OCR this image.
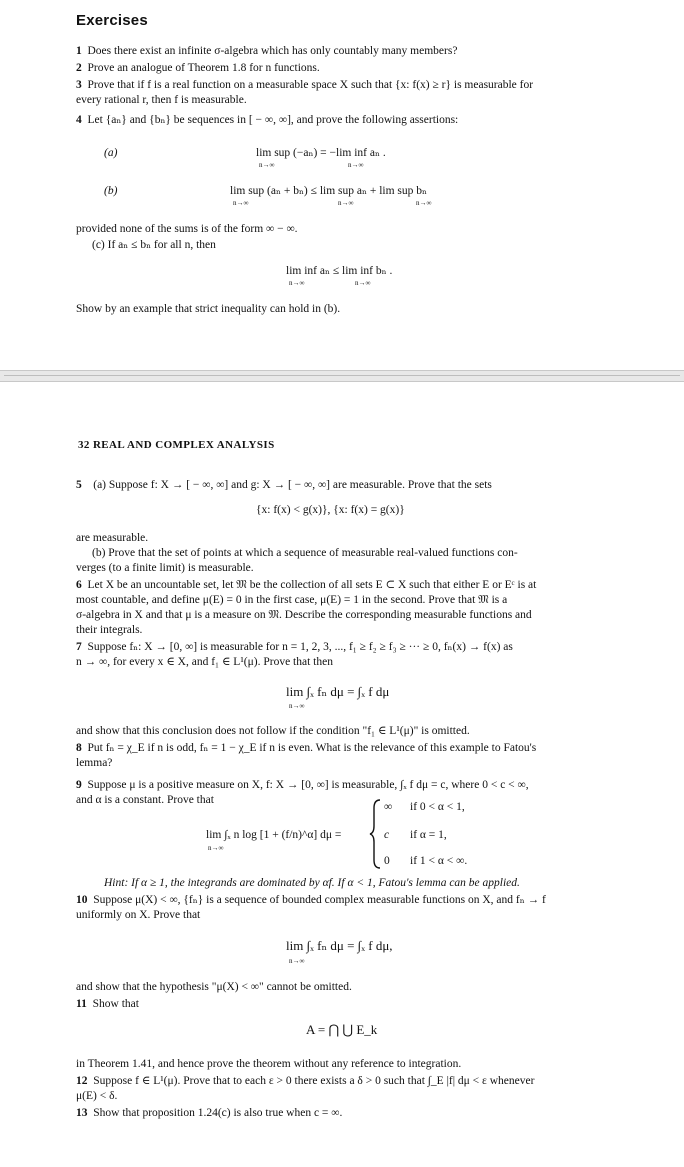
Exercises
1 Does there exist an infinite σ-algebra which has only countably many members?
2 Prove an analogue of Theorem 1.8 for n functions.
3 Prove that if f is a real function on a measurable space X such that {x: f(x) ≥ r} is measurable for
every rational r, then f is measurable.
4 Let {aₙ} and {bₙ} be sequences in [ − ∞, ∞], and prove the following assertions:
(a)	lim sup (−aₙ) = −lim inf aₙ .
n→∞	n→∞
(b)	lim sup (aₙ + bₙ) ≤ lim sup aₙ + lim sup bₙ
n→∞	n→∞	n→∞
provided none of the sums is of the form ∞ − ∞.
(c) If aₙ ≤ bₙ for all n, then
lim inf aₙ ≤ lim inf bₙ .
n→∞	n→∞
Show by an example that strict inequality can hold in (b).
32 REAL AND COMPLEX ANALYSIS
5 (a) Suppose f: X → [ − ∞, ∞] and g: X → [ − ∞, ∞] are measurable. Prove that the sets
{x: f(x) < g(x)}, {x: f(x) = g(x)}
are measurable.
(b) Prove that the set of points at which a sequence of measurable real-valued functions con-
verges (to a finite limit) is measurable.
6 Let X be an uncountable set, let 𝔐 be the collection of all sets E ⊂ X such that either E or Eᶜ is at
most countable, and define μ(E) = 0 in the first case, μ(E) = 1 in the second. Prove that 𝔐 is a
σ-algebra in X and that μ is a measure on 𝔐. Describe the corresponding measurable functions and
their integrals.
7 Suppose fₙ: X → [0, ∞] is measurable for n = 1, 2, 3, ..., f₁ ≥ f₂ ≥ f₃ ≥ ··· ≥ 0, fₙ(x) → f(x) as
n → ∞, for every x ∈ X, and f₁ ∈ L¹(μ). Prove that then
lim ∫ₓ fₙ dμ = ∫ₓ f dμ
n→∞
and show that this conclusion does not follow if the condition "f₁ ∈ L¹(μ)" is omitted.
8 Put fₙ = χ_E if n is odd, fₙ = 1 − χ_E if n is even. What is the relevance of this example to Fatou's
lemma?
9 Suppose μ is a positive measure on X, f: X → [0, ∞] is measurable, ∫ₓ f dμ = c, where 0 < c < ∞,
and α is a constant. Prove that
lim ∫ₓ n log [1 + (f/n)^α] dμ =
n→∞
∞ if 0 < α < 1,
c if α = 1,
0 if 1 < α < ∞.
Hint: If α ≥ 1, the integrands are dominated by αf. If α < 1, Fatou's lemma can be applied.
10 Suppose μ(X) < ∞, {fₙ} is a sequence of bounded complex measurable functions on X, and fₙ → f
uniformly on X. Prove that
lim ∫ₓ fₙ dμ = ∫ₓ f dμ,
n→∞
and show that the hypothesis "μ(X) < ∞" cannot be omitted.
11 Show that
A = ⋂ ⋃ E_k
in Theorem 1.41, and hence prove the theorem without any reference to integration.
12 Suppose f ∈ L¹(μ). Prove that to each ε > 0 there exists a δ > 0 such that ∫_E |f| dμ < ε whenever
μ(E) < δ.
13 Show that proposition 1.24(c) is also true when c = ∞.
